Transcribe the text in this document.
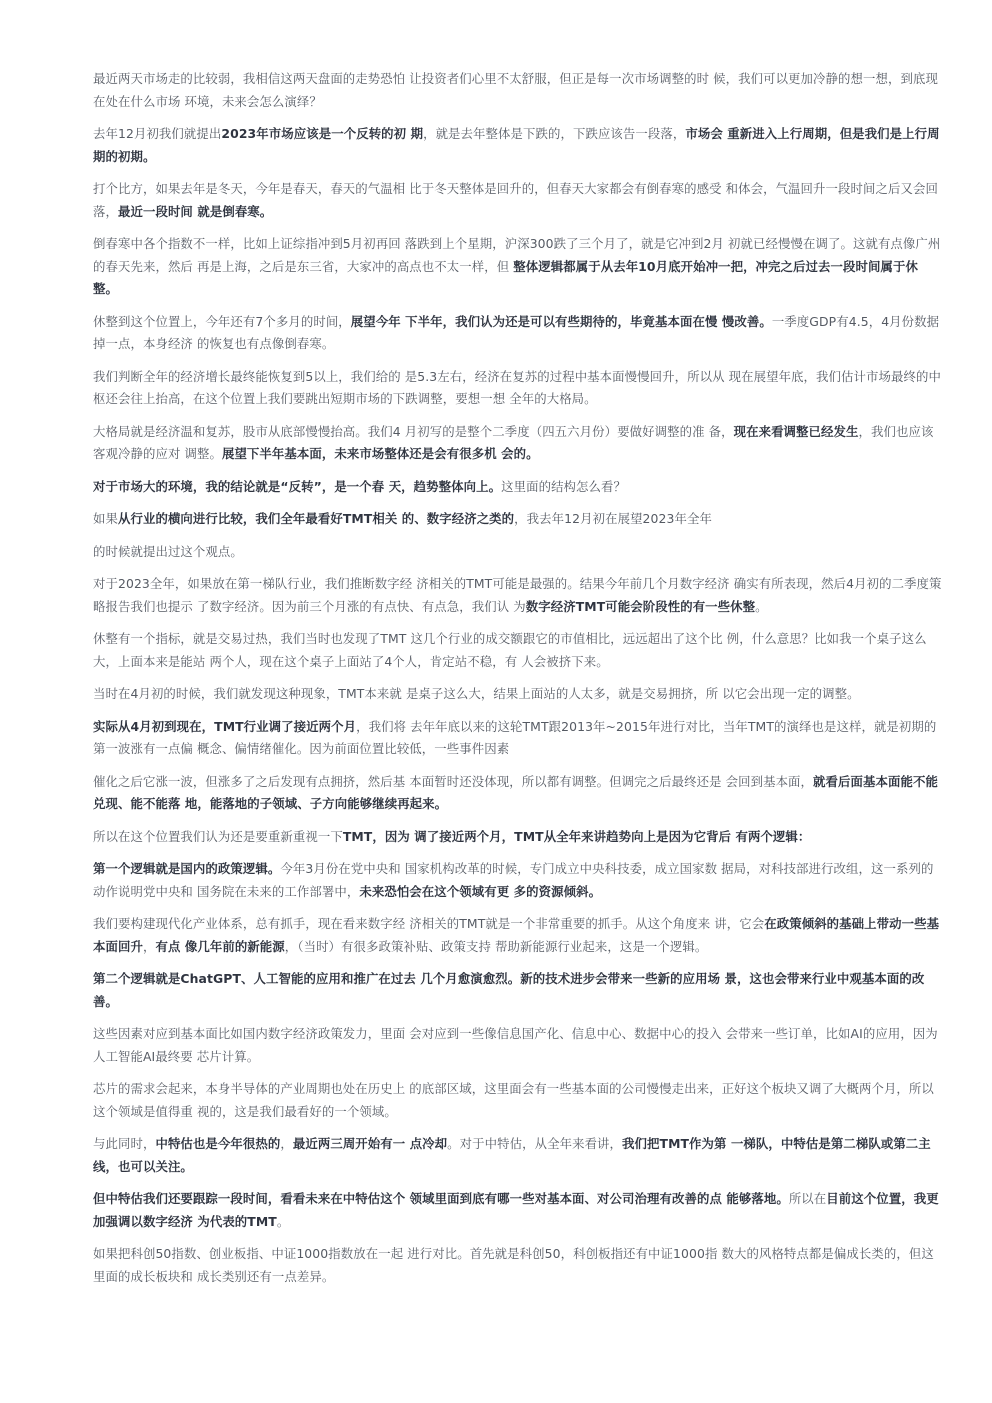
最近两天市场走的比较弱，我相信这两天盘面的走势恐怕 让投资者们心里不太舒服，但正是每一次市场调整的时 候，我们可以更加冷静的想一想，到底现在处在什么市场 环境，未来会怎么演绎？

去年12月初我们就提出2023年市场应该是一个反转的初 期，就是去年整体是下跌的，下跌应该告一段落，市场会 重新进入上行周期，但是我们是上行周期的初期。

打个比方，如果去年是冬天，今年是春天，春天的气温相 比于冬天整体是回升的，但春天大家都会有倒春寒的感受 和体会，气温回升一段时间之后又会回落，最近一段时间 就是倒春寒。

倒春寒中各个指数不一样，比如上证综指冲到5月初再回 落跌到上个星期，沪深300跌了三个月了，就是它冲到2月 初就已经慢慢在调了。这就有点像广州的春天先来，然后 再是上海，之后是东三省，大家冲的高点也不太一样，但 整体逻辑都属于从去年10月底开始冲一把，冲完之后过去一段时间属于休整。

休整到这个位置上，今年还有7个多月的时间，展望今年 下半年，我们认为还是可以有些期待的，毕竟基本面在慢 慢改善。一季度GDP有4.5，4月份数据掉一点，本身经济 的恢复也有点像倒春寒。

我们判断全年的经济增长最终能恢复到5以上，我们给的 是5.3左右，经济在复苏的过程中基本面慢慢回升，所以从 现在展望年底，我们估计市场最终的中枢还会往上抬高，在这个位置上我们要跳出短期市场的下跌调整，要想一想 全年的大格局。

大格局就是经济温和复苏，股市从底部慢慢抬高。我们4 月初写的是整个二季度（四五六月份）要做好调整的准 备，现在来看调整已经发生，我们也应该客观冷静的应对 调整。展望下半年基本面，未来市场整体还是会有很多机 会的。

对于市场大的环境，我的结论就是“反转”，是一个春 天，趋势整体向上。这里面的结构怎么看？

如果从行业的横向进行比较，我们全年最看好TMT相关 的、数字经济之类的，我去年12月初在展望2023年全年

的时候就提出过这个观点。

对于2023全年，如果放在第一梯队行业，我们推断数字经 济相关的TMT可能是最强的。结果今年前几个月数字经济 确实有所表现，然后4月初的二季度策略报告我们也提示 了数字经济。因为前三个月涨的有点快、有点急，我们认 为数字经济TMT可能会阶段性的有一些休整。

休整有一个指标，就是交易过热，我们当时也发现了TMT 这几个行业的成交额跟它的市值相比，远远超出了这个比 例，什么意思？比如我一个桌子这么大，上面本来是能站 两个人，现在这个桌子上面站了4个人，肯定站不稳，有 人会被挤下来。

当时在4月初的时候，我们就发现这种现象，TMT本来就 是桌子这么大，结果上面站的人太多，就是交易拥挤，所 以它会出现一定的调整。

实际从4月初到现在，TMT行业调了接近两个月，我们将 去年年底以来的这轮TMT跟2013年~2015年进行对比，当年TMT的演绎也是这样，就是初期的第一波涨有一点偏 概念、偏情绪催化。因为前面位置比较低，一些事件因素

催化之后它涨一波，但涨多了之后发现有点拥挤，然后基 本面暂时还没体现，所以都有调整。但调完之后最终还是 会回到基本面，就看后面基本面能不能兑现、能不能落 地，能落地的子领域、子方向能够继续再起来。

所以在这个位置我们认为还是要重新重视一下TMT，因为 调了接近两个月，TMT从全年来讲趋势向上是因为它背后 有两个逻辑：

第一个逻辑就是国内的政策逻辑。今年3月份在党中央和 国家机构改革的时候，专门成立中央科技委，成立国家数 据局，对科技部进行改组，这一系列的动作说明党中央和 国务院在未来的工作部署中，未来恐怕会在这个领域有更 多的资源倾斜。

我们要构建现代化产业体系，总有抓手，现在看来数字经 济相关的TMT就是一个非常重要的抓手。从这个角度来 讲，它会在政策倾斜的基础上带动一些基本面回升，有点 像几年前的新能源，（当时）有很多政策补贴、政策支持 帮助新能源行业起来，这是一个逻辑。

第二个逻辑就是ChatGPT、人工智能的应用和推广在过去 几个月愈演愈烈。新的技术进步会带来一些新的应用场 景，这也会带来行业中观基本面的改善。

这些因素对应到基本面比如国内数字经济政策发力，里面 会对应到一些像信息国产化、信息中心、数据中心的投入 会带来一些订单，比如AI的应用，因为人工智能AI最终要 芯片计算。

芯片的需求会起来，本身半导体的产业周期也处在历史上 的底部区域，这里面会有一些基本面的公司慢慢走出来，正好这个板块又调了大概两个月，所以这个领域是值得重 视的，这是我们最看好的一个领域。

与此同时，中特估也是今年很热的，最近两三周开始有一 点冷却。对于中特估，从全年来看讲，我们把TMT作为第 一梯队，中特估是第二梯队或第二主线，也可以关注。

但中特估我们还要跟踪一段时间，看看未来在中特估这个 领域里面到底有哪一些对基本面、对公司治理有改善的点 能够落地。所以在目前这个位置，我更加强调以数字经济 为代表的TMT。

如果把科创50指数、创业板指、中证1000指数放在一起 进行对比。首先就是科创50，科创板指还有中证1000指 数大的风格特点都是偏成长类的，但这里面的成长板块和 成长类别还有一点差异。
